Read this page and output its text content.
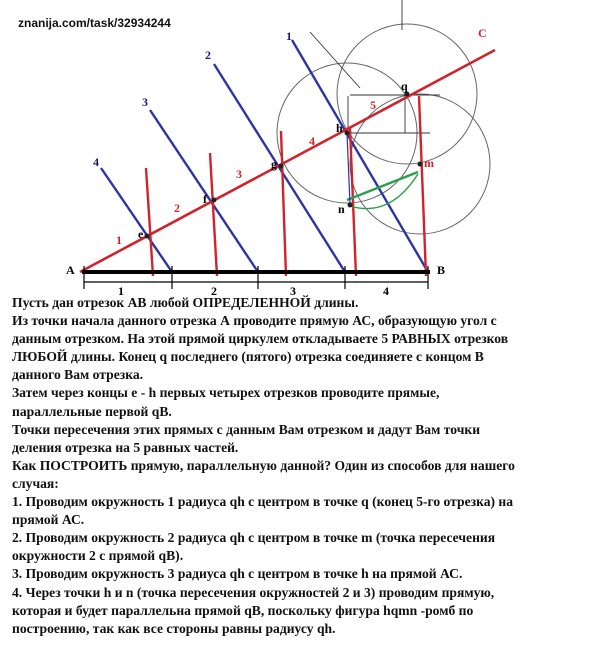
znanija.com/task/32934244
A	B
C
e
f
g
h
q
m
n
1
2
3
4
5
1	2	3	4
4
3
2
1

Пусть дан отрезок АВ любой ОПРЕДЕЛЕННОЙ длины.

Из точки начала данного отрезка А проводите прямую АС, образующую угол с

данным отрезком. На этой прямой циркулем откладываете 5 РАВНЫХ отрезков

ЛЮБОЙ длины. Конец q последнего (пятого) отрезка соединяете с концом В

данного Вам отрезка.

Затем через концы е - h первых четырех отрезков проводите прямые,

параллельные первой qB.

Точки пересечения этих прямых с данным Вам отрезком и дадут Вам точки

деления отрезка на 5 равных частей.

Как ПОСТРОИТЬ прямую, параллельную данной? Один из способов для нашего

случая:

1. Проводим окружность 1 радиуса qh с центром в точке q (конец 5-го отрезка) на

прямой АС.

2. Проводим окружность 2 радиуса qh с центром в точке m (точка пересечения

окружности 2 с прямой qB).

3. Проводим окружность 3 радиуса qh с центром в точке h на прямой АС.

4. Через точки h и n (точка пересечения окружностей 2 и 3) проводим прямую,

которая и будет параллельна прямой qB, поскольку фигура hqmn -ромб по

построению, так как все стороны равны радиусу qh.
